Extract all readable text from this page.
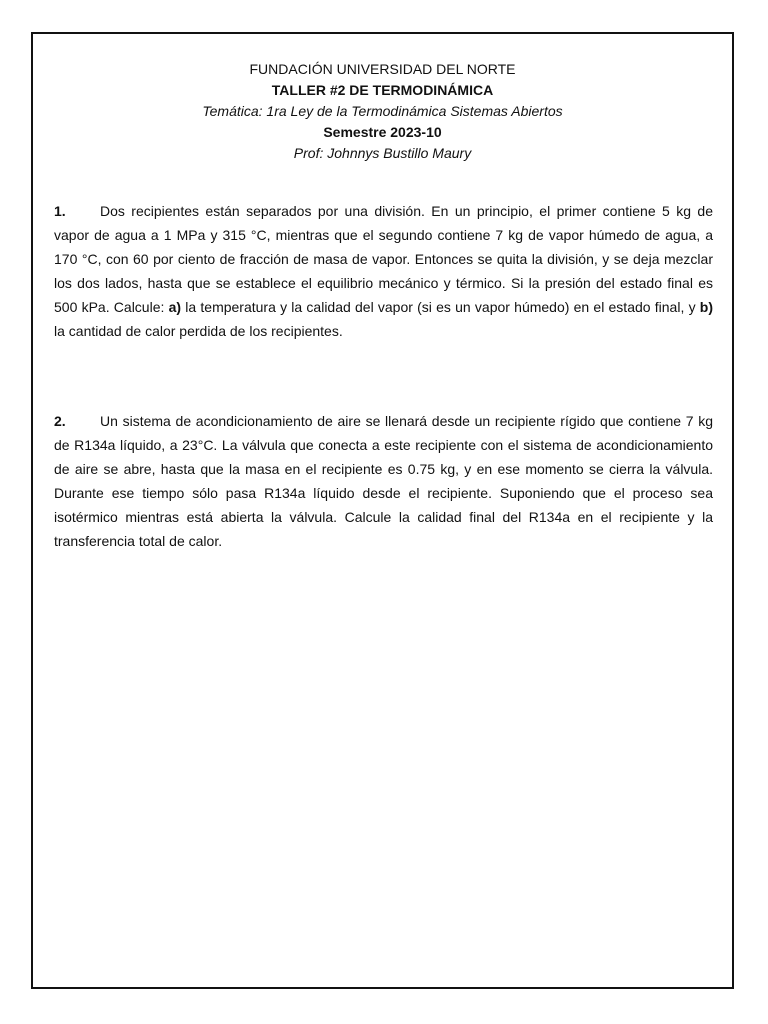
FUNDACIÓN UNIVERSIDAD DEL NORTE
TALLER #2 DE TERMODINÁMICA
Temática: 1ra Ley de la Termodinámica Sistemas Abiertos
Semestre 2023-10
Prof: Johnnys Bustillo Maury

1. Dos recipientes están separados por una división. En un principio, el primer contiene 5 kg de vapor de agua a 1 MPa y 315 °C, mientras que el segundo contiene 7 kg de vapor húmedo de agua, a 170 °C, con 60 por ciento de fracción de masa de vapor. Entonces se quita la división, y se deja mezclar los dos lados, hasta que se establece el equilibrio mecánico y térmico. Si la presión del estado final es 500 kPa. Calcule: a) la temperatura y la calidad del vapor (si es un vapor húmedo) en el estado final, y b) la cantidad de calor perdida de los recipientes.

2. Un sistema de acondicionamiento de aire se llenará desde un recipiente rígido que contiene 7 kg de R134a líquido, a 23°C. La válvula que conecta a este recipiente con el sistema de acondicionamiento de aire se abre, hasta que la masa en el recipiente es 0.75 kg, y en ese momento se cierra la válvula. Durante ese tiempo sólo pasa R134a líquido desde el recipiente. Suponiendo que el proceso sea isotérmico mientras está abierta la válvula. Calcule la calidad final del R134a en el recipiente y la transferencia total de calor.
